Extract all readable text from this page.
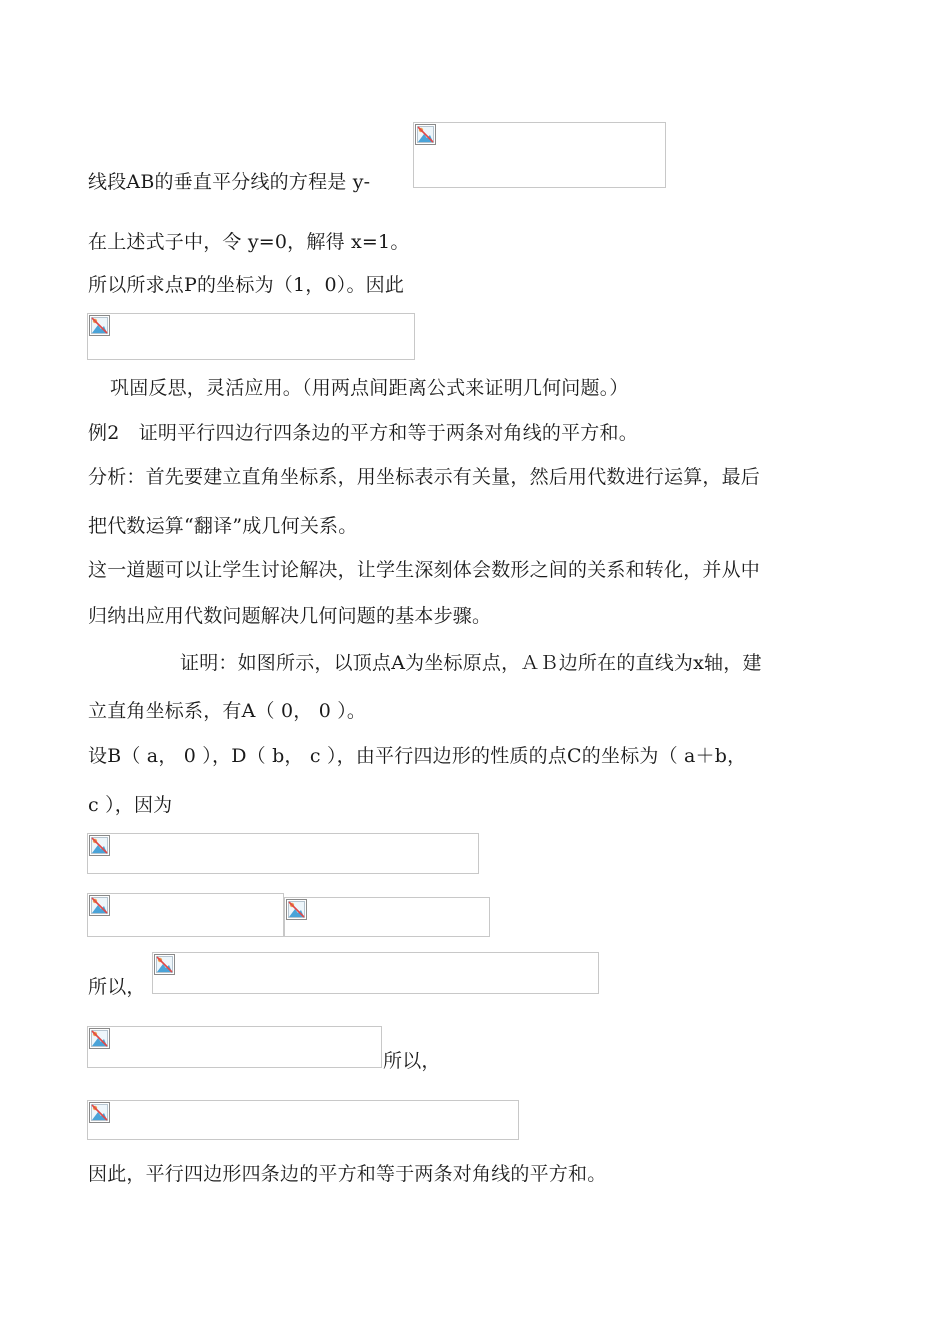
线段AB的垂直平分线的方程是 y-
在上述式子中，令 y=0，解得 x=1。
所以所求点P的坐标为（1，0）。因此
巩固反思，灵活应用。（用两点间距离公式来证明几何问题。）
例2　证明平行四边行四条边的平方和等于两条对角线的平方和。
分析：首先要建立直角坐标系，用坐标表示有关量，然后用代数进行运算，最后
把代数运算“翻译”成几何关系。
这一道题可以让学生讨论解决，让学生深刻体会数形之间的关系和转化，并从中
归纳出应用代数问题解决几何问题的基本步骤。
证明：如图所示，以顶点A为坐标原点，ＡＢ边所在的直线为x轴，建
立直角坐标系，有A（ 0， 0 ）。
设B（ a， 0 ），D（ b， c ），由平行四边形的性质的点C的坐标为（ a＋b，
c ），因为
所以，
所以，
因此，平行四边形四条边的平方和等于两条对角线的平方和。
